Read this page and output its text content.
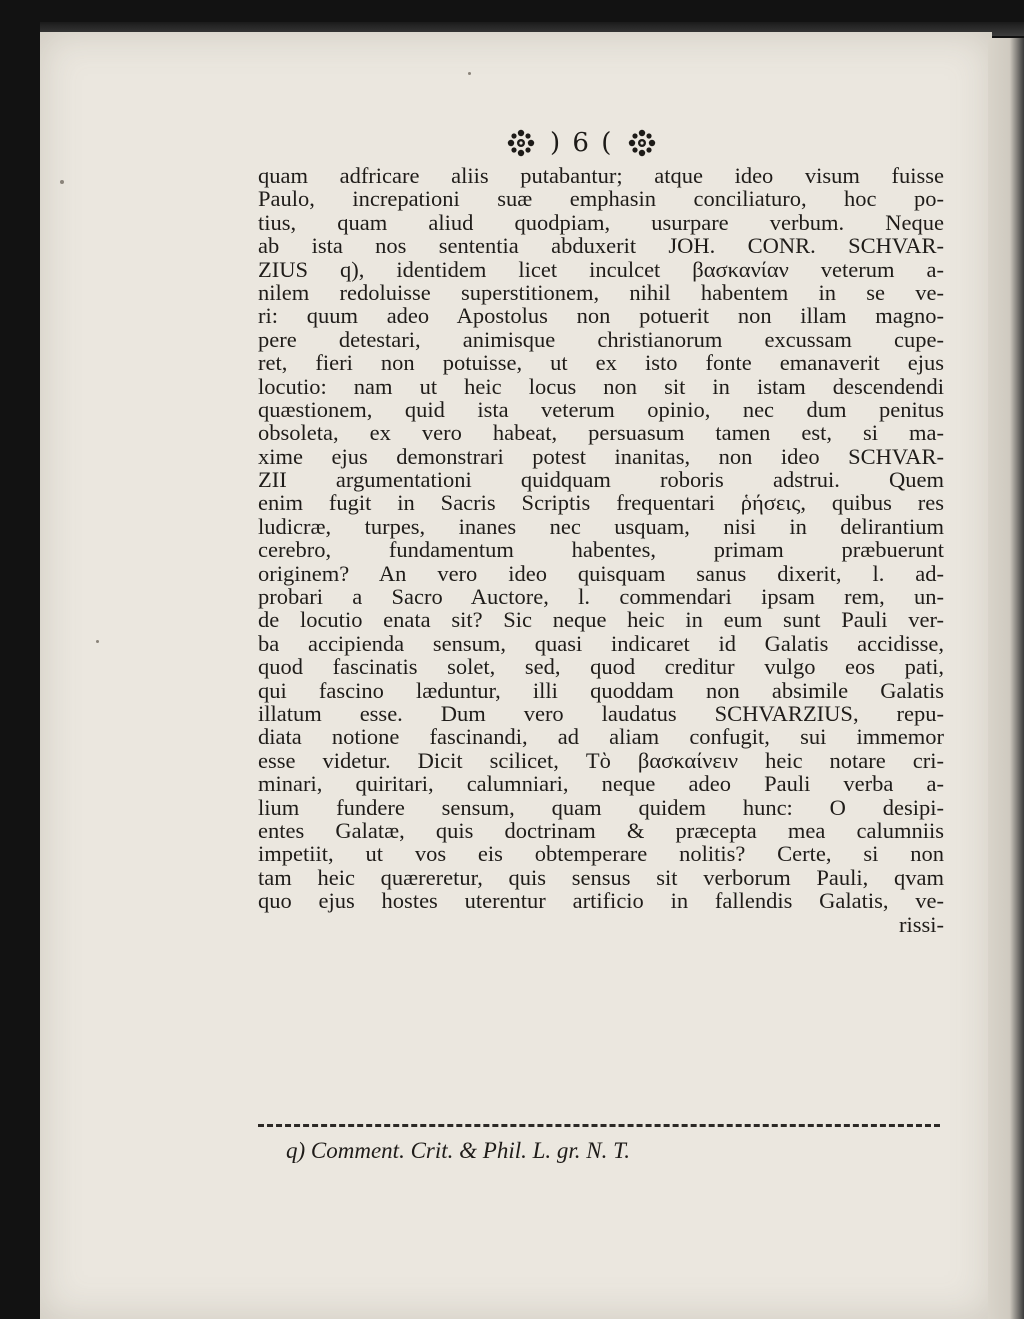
) 6 (
quam adfricare aliis putabantur; atque ideo visum fuisse
Paulo, increpationi suæ emphasin conciliaturo, hoc po-
tius, quam aliud quodpiam, usurpare verbum. Neque
ab ista nos sententia abduxerit JOH. CONR. SCHVAR-
ZIUS q), identidem licet inculcet βασκανίαν veterum a-
nilem redoluisse superstitionem, nihil habentem in se ve-
ri: quum adeo Apostolus non potuerit non illam magno-
pere detestari, animisque christianorum excussam cupe-
ret, fieri non potuisse, ut ex isto fonte emanaverit ejus
locutio: nam ut heic locus non sit in istam descendendi
quæstionem, quid ista veterum opinio, nec dum penitus
obsoleta, ex vero habeat, persuasum tamen est, si ma-
xime ejus demonstrari potest inanitas, non ideo SCHVAR-
ZII argumentationi quidquam roboris adstrui. Quem
enim fugit in Sacris Scriptis frequentari ῥήσεις, quibus res
ludicræ, turpes, inanes nec usquam, nisi in delirantium
cerebro, fundamentum habentes, primam præbuerunt
originem? An vero ideo quisquam sanus dixerit, l. ad-
probari a Sacro Auctore, l. commendari ipsam rem, un-
de locutio enata sit? Sic neque heic in eum sunt Pauli ver-
ba accipienda sensum, quasi indicaret id Galatis accidisse,
quod fascinatis solet, sed, quod creditur vulgo eos pati,
qui fascino læduntur, illi quoddam non absimile Galatis
illatum esse. Dum vero laudatus SCHVARZIUS, repu-
diata notione fascinandi, ad aliam confugit, sui immemor
esse videtur. Dicit scilicet, Τὸ βασκαίνειν heic notare cri-
minari, quiritari, calumniari, neque adeo Pauli verba a-
lium fundere sensum, quam quidem hunc: O desipi-
entes Galatæ, quis doctrinam & præcepta mea calumniis
impetiit, ut vos eis obtemperare nolitis? Certe, si non
tam heic quæreretur, quis sensus sit verborum Pauli, qvam
quo ejus hostes uterentur artificio in fallendis Galatis, ve-
rissi-
q) Comment. Crit. & Phil. L. gr. N. T.
